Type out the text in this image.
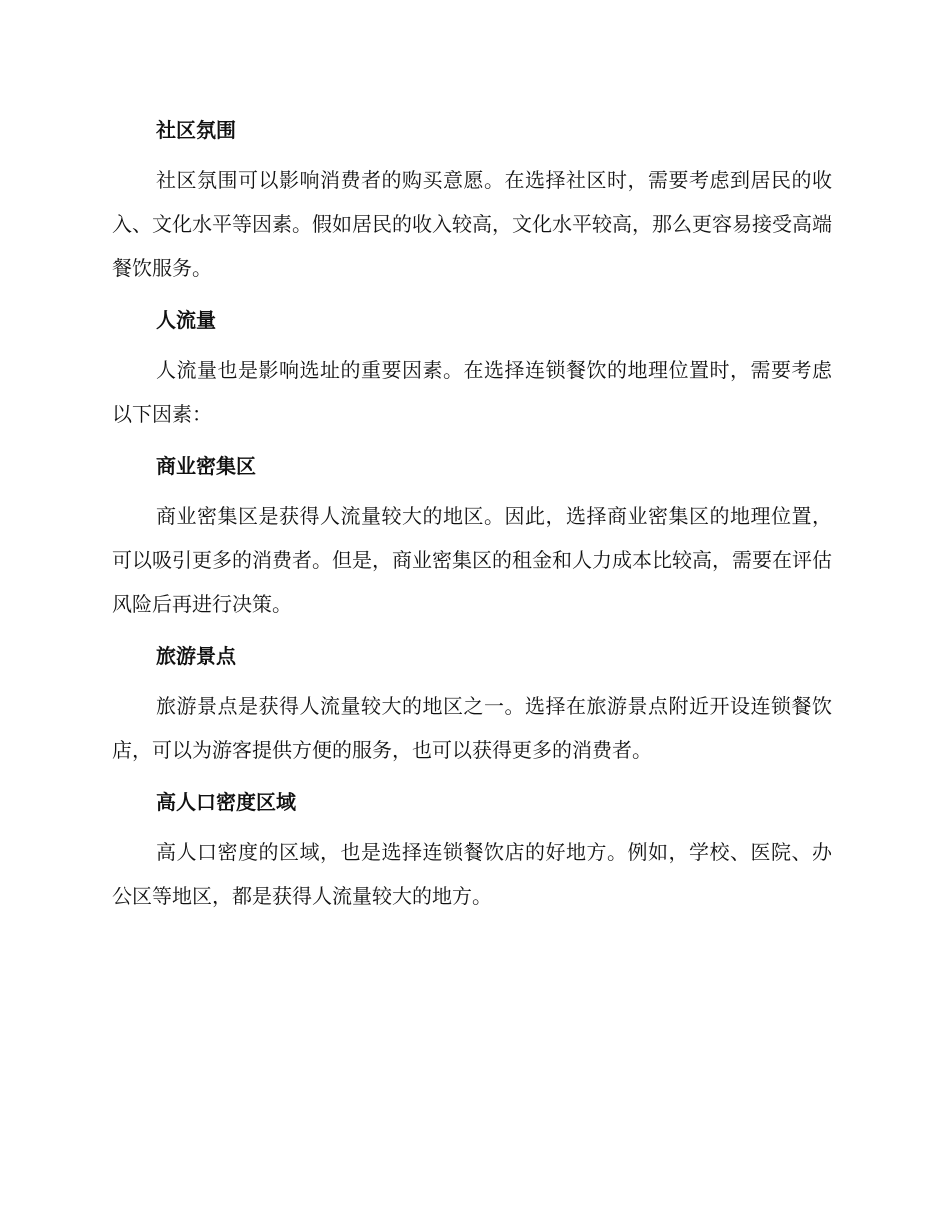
社区氛围

社区氛围可以影响消费者的购买意愿。在选择社区时，需要考虑到居民的收入、文化水平等因素。假如居民的收入较高，文化水平较高，那么更容易接受高端餐饮服务。

人流量

人流量也是影响选址的重要因素。在选择连锁餐饮的地理位置时，需要考虑以下因素：

商业密集区

商业密集区是获得人流量较大的地区。因此，选择商业密集区的地理位置，可以吸引更多的消费者。但是，商业密集区的租金和人力成本比较高，需要在评估风险后再进行决策。

旅游景点

旅游景点是获得人流量较大的地区之一。选择在旅游景点附近开设连锁餐饮店，可以为游客提供方便的服务，也可以获得更多的消费者。

高人口密度区域

高人口密度的区域，也是选择连锁餐饮店的好地方。例如，学校、医院、办公区等地区，都是获得人流量较大的地方。
